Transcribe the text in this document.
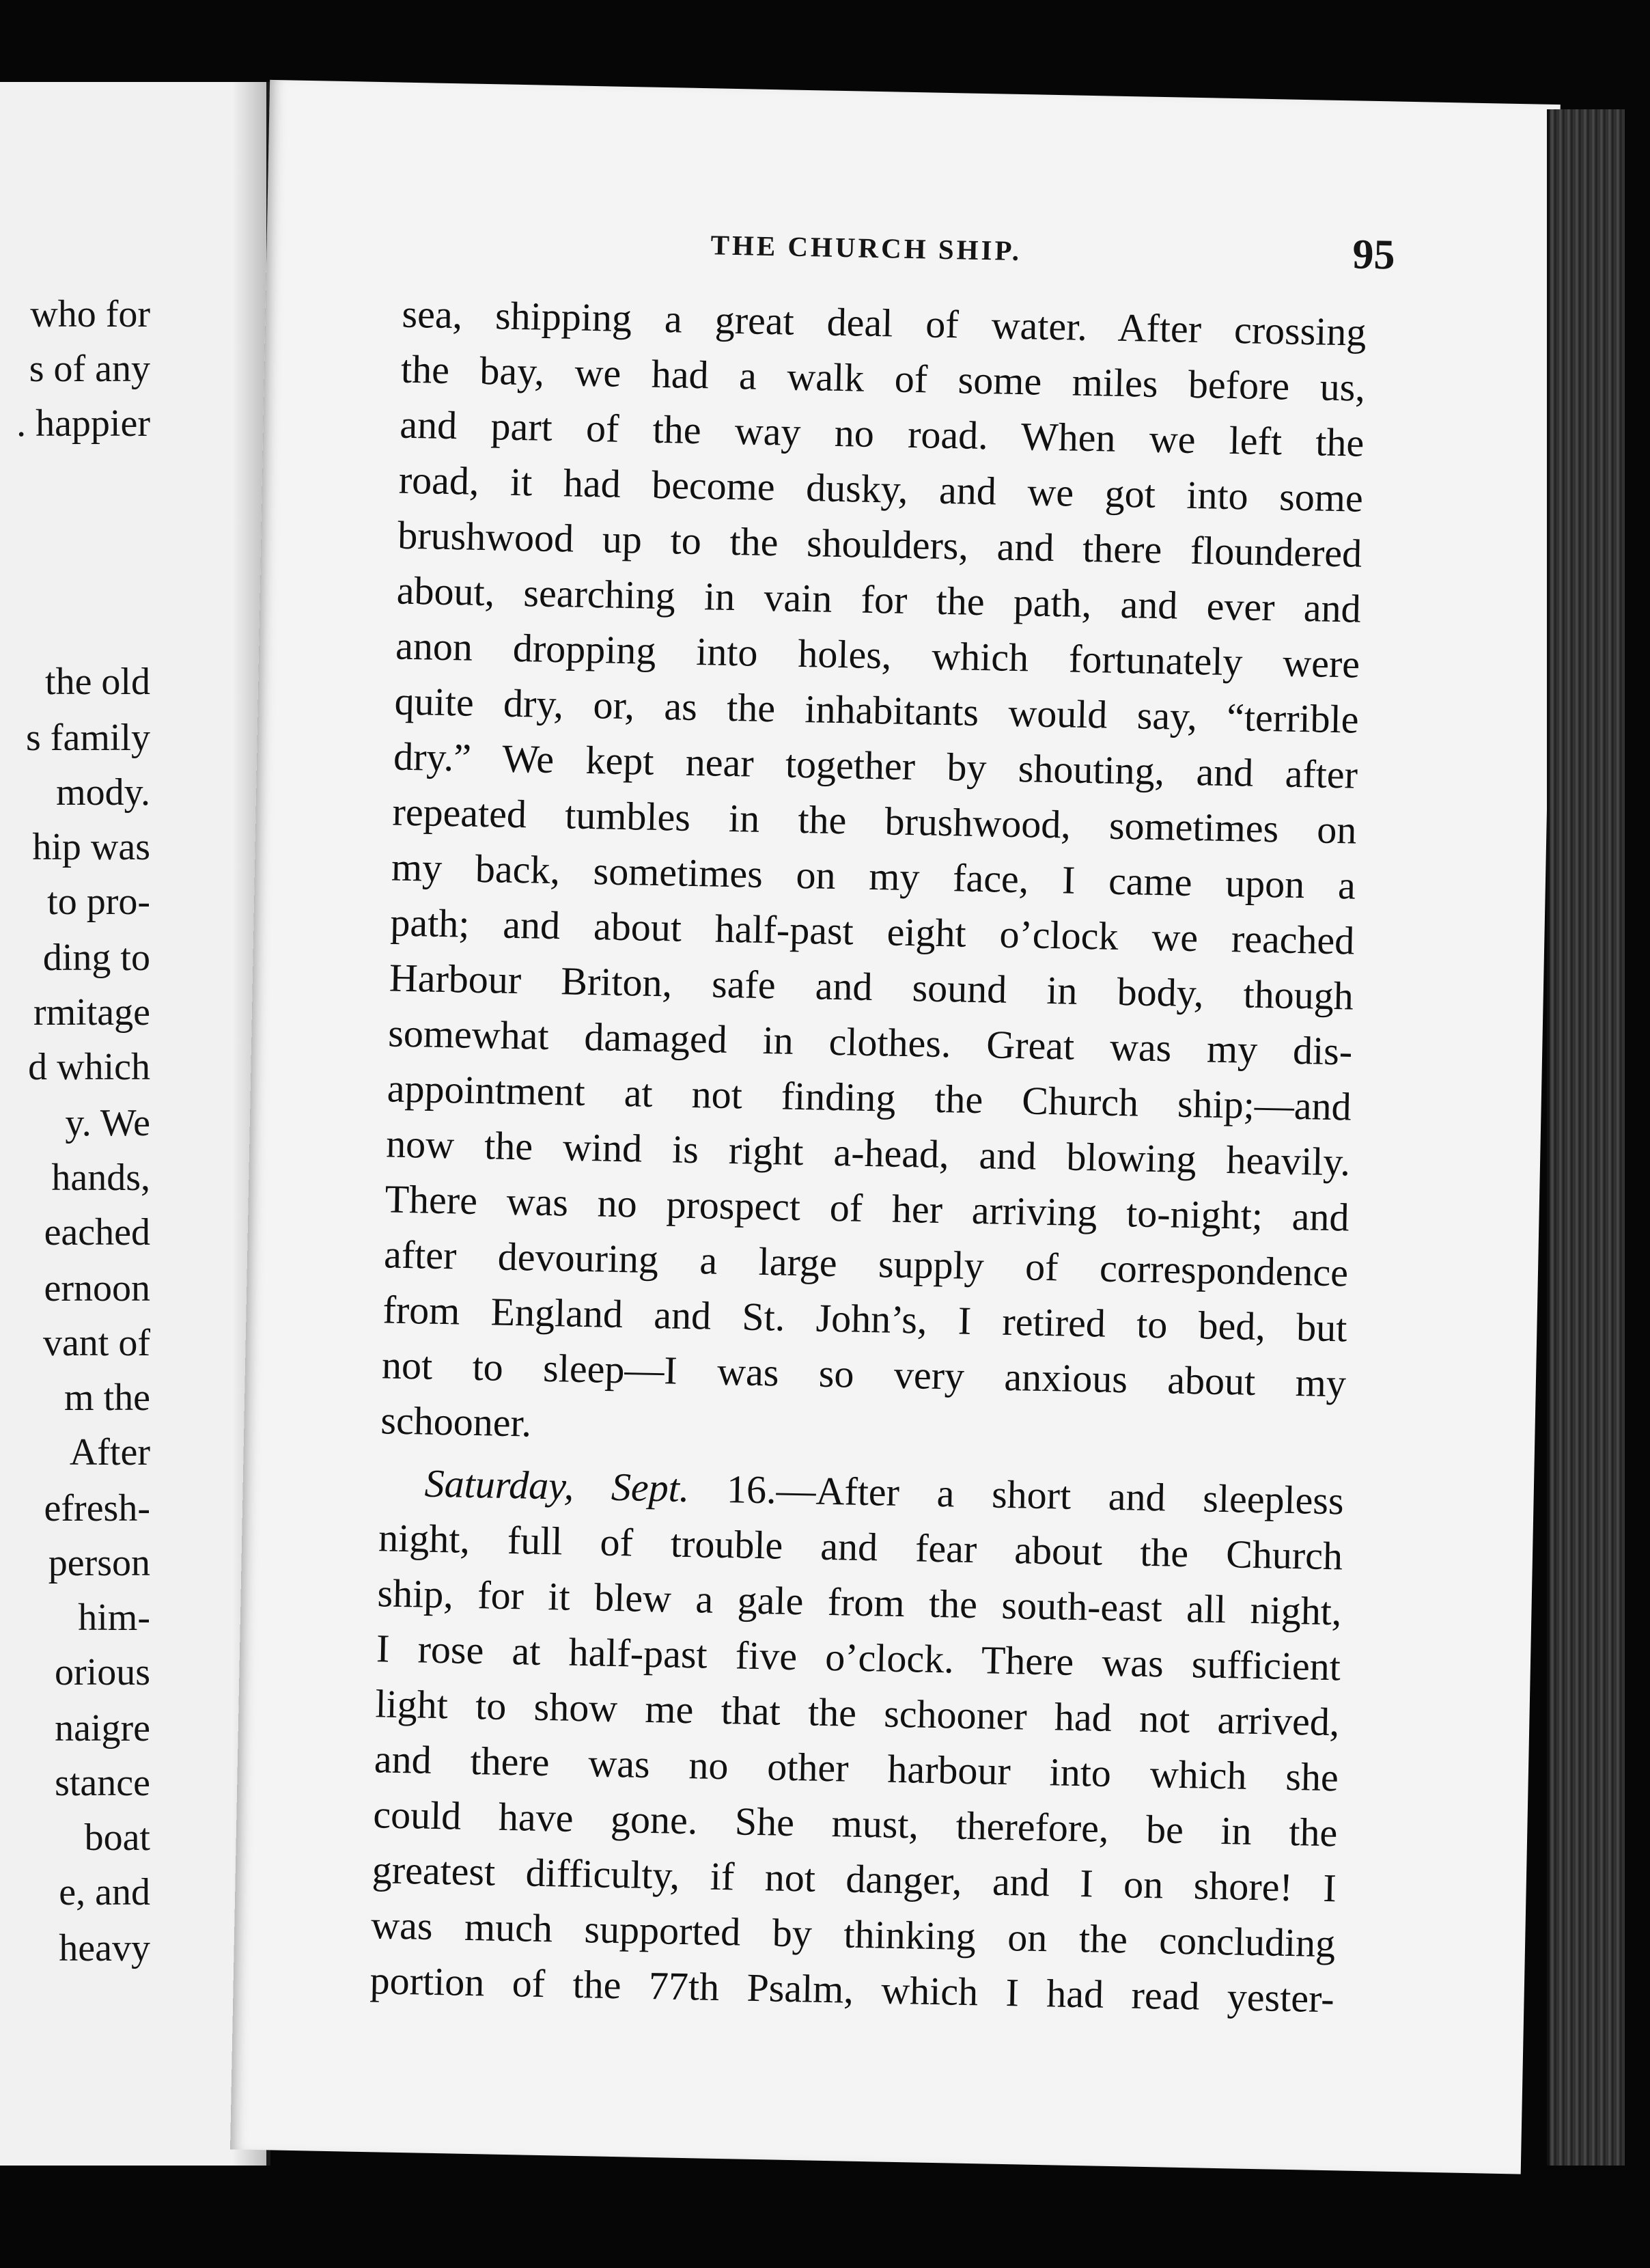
who for
s of any
. happier
the old
s family
mody.
hip was
to pro-
ding to
rmitage
d which
y. We
hands,
eached
ernoon
vant of
m the
After
efresh-
person
him-
orious
naigre
stance
boat
e, and
heavy
THE CHURCH SHIP.	95
sea, shipping a great deal of water. After crossing
the bay, we had a walk of some miles before us,
and part of the way no road. When we left the
road, it had become dusky, and we got into some
brushwood up to the shoulders, and there floundered
about, searching in vain for the path, and ever and
anon dropping into holes, which fortunately were
quite dry, or, as the inhabitants would say, “terrible
dry.” We kept near together by shouting, and after
repeated tumbles in the brushwood, sometimes on
my back, sometimes on my face, I came upon a
path; and about half-past eight o’clock we reached
Harbour Briton, safe and sound in body, though
somewhat damaged in clothes. Great was my dis-
appointment at not finding the Church ship;—and
now the wind is right a-head, and blowing heavily.
There was no prospect of her arriving to-night; and
after devouring a large supply of correspondence
from England and St. John’s, I retired to bed, but
not to sleep—I was so very anxious about my
schooner.
Saturday, Sept. 16.—After a short and sleepless
night, full of trouble and fear about the Church
ship, for it blew a gale from the south-east all night,
I rose at half-past five o’clock. There was sufficient
light to show me that the schooner had not arrived,
and there was no other harbour into which she
could have gone. She must, therefore, be in the
greatest difficulty, if not danger, and I on shore! I
was much supported by thinking on the concluding
portion of the 77th Psalm, which I had read yester-
